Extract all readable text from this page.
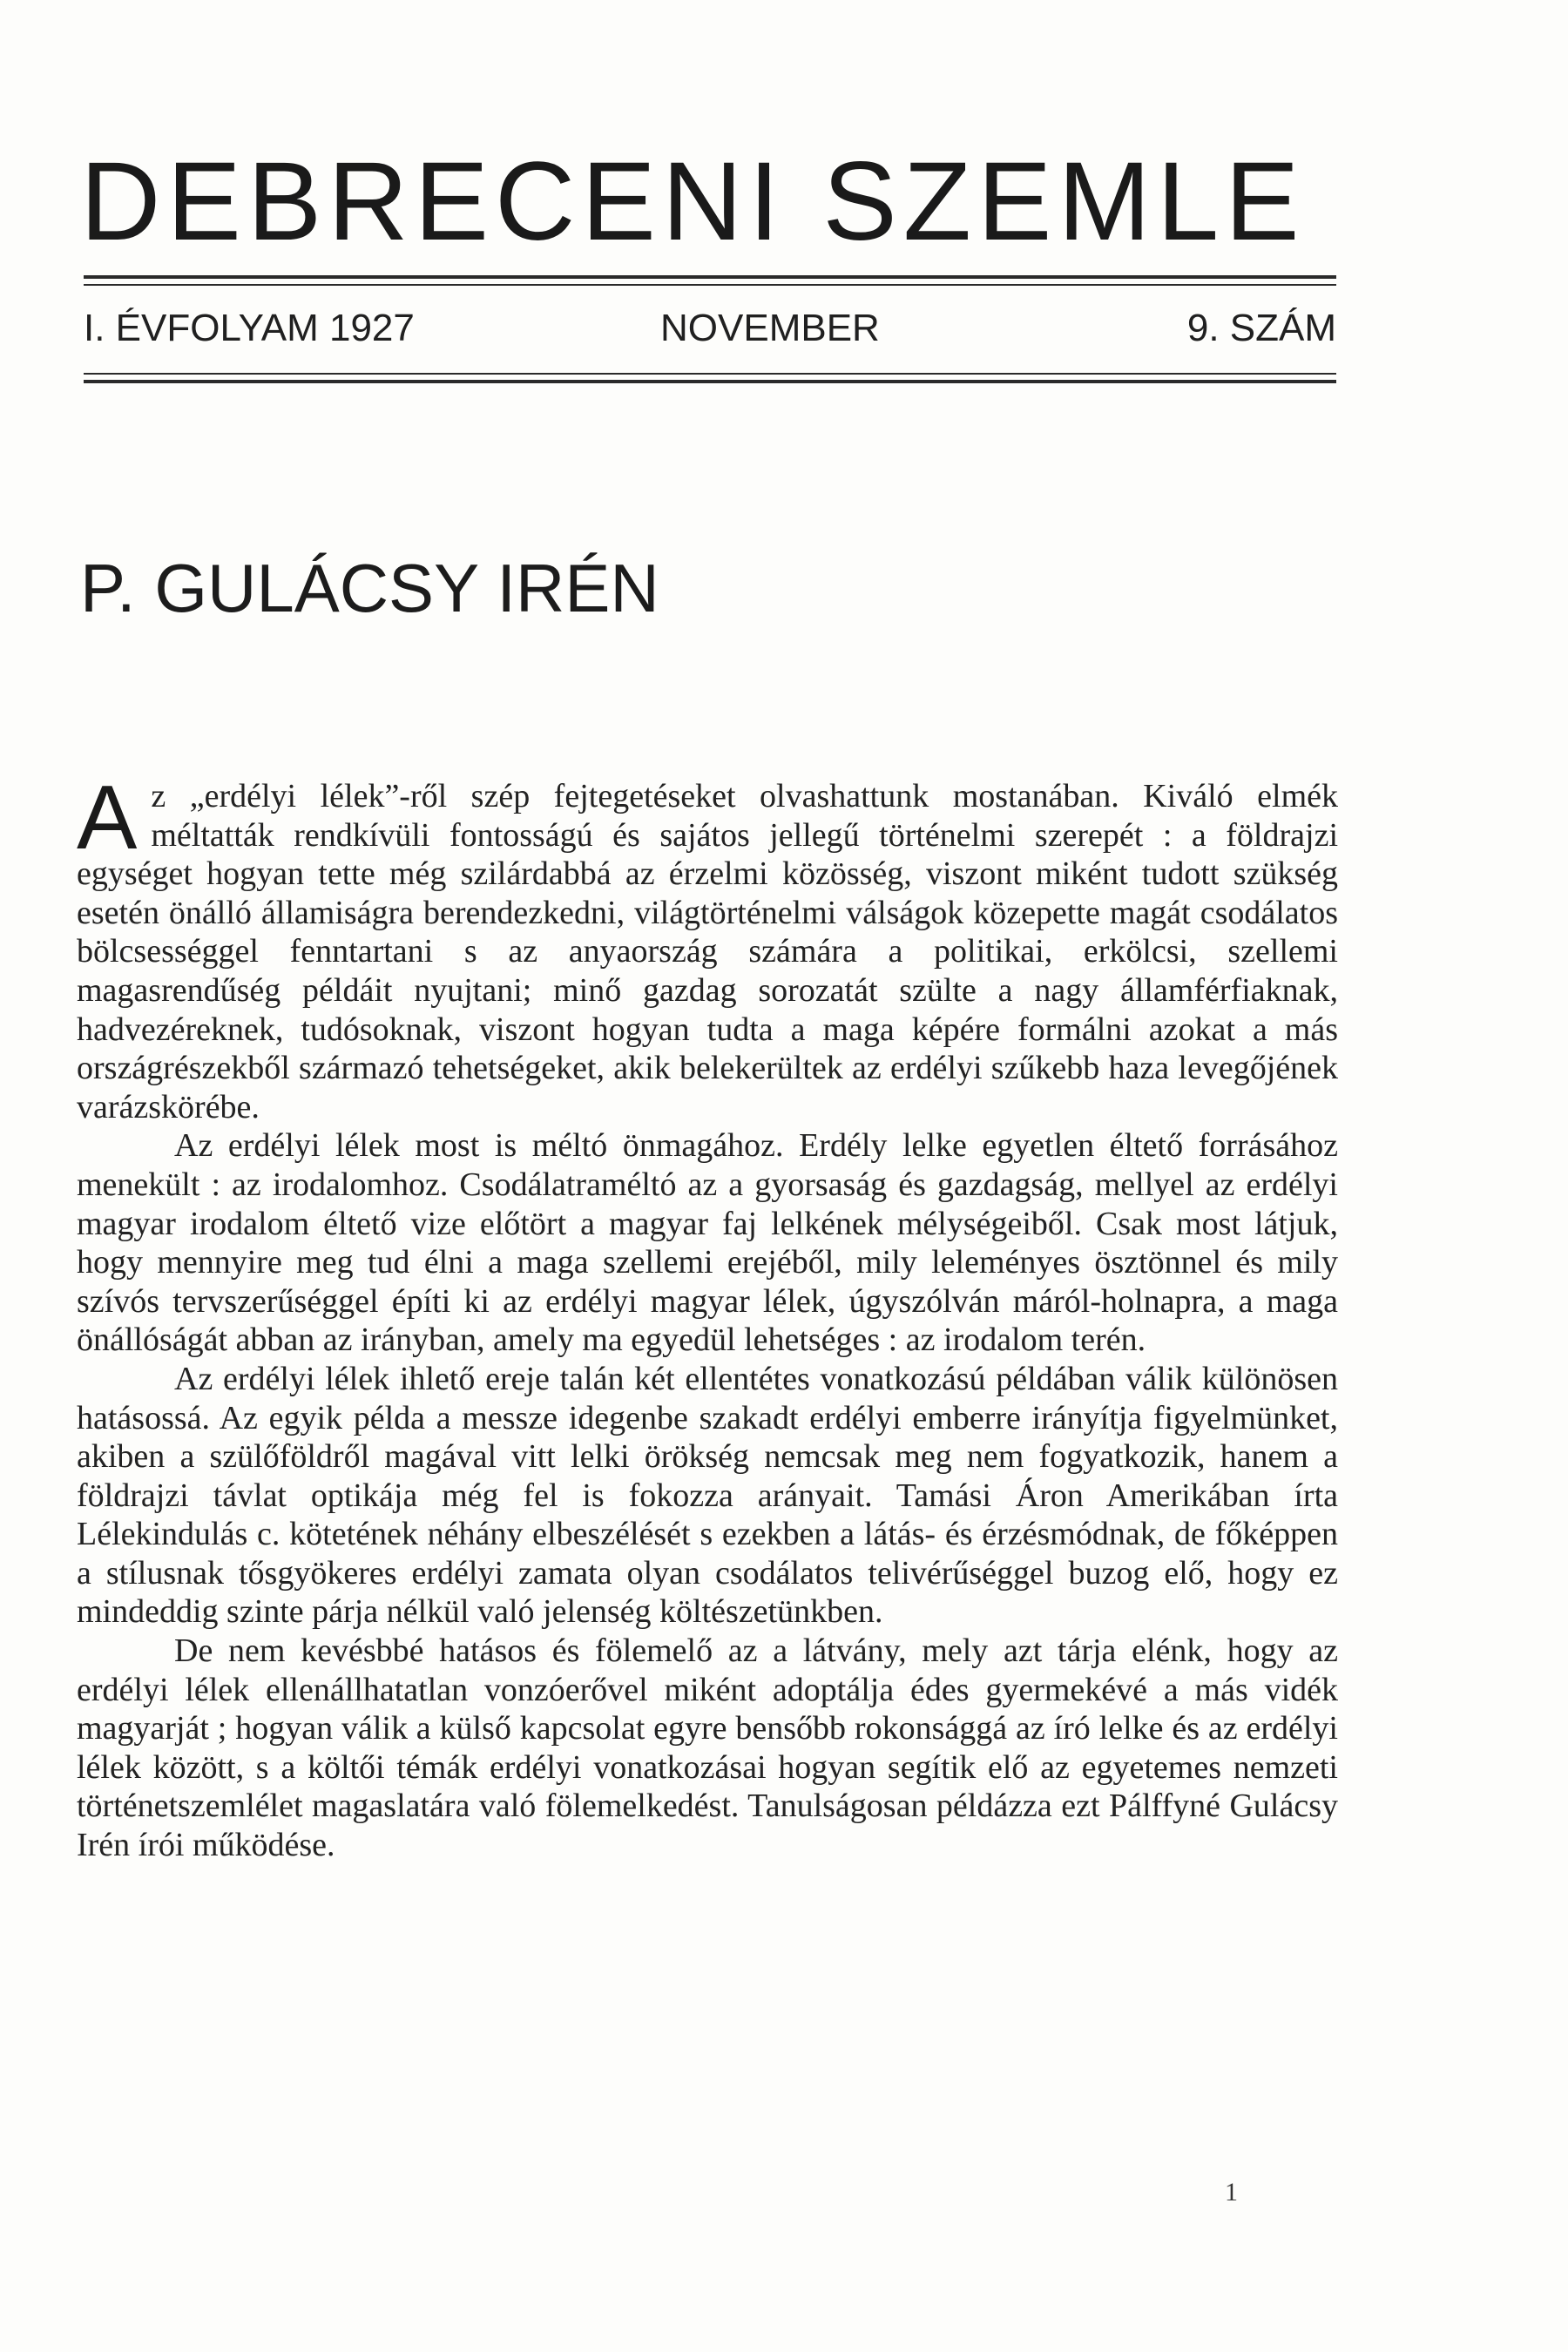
DEBRECENI SZEMLE
I. ÉVFOLYAM 1927	NOVEMBER	9. SZÁM
P. GULÁCSY IRÉN

Az „erdélyi lélek”-ről szép fejtegetéseket olvashattunk mostanában. Kiváló elmék méltatták rendkívüli fontosságú és sajátos jellegű történelmi szerepét : a földrajzi egységet hogyan tette még szilárdabbá az érzelmi közösség, viszont miként tudott szükség esetén önálló államiságra berendezkedni, világtörténelmi válságok közepette magát csodálatos bölcsességgel fenntartani s az anyaország számára a politikai, erkölcsi, szellemi magasrendűség példáit nyujtani; minő gazdag sorozatát szülte a nagy államférfiaknak, hadvezéreknek, tudósoknak, viszont hogyan tudta a maga képére formálni azokat a más országrészekből származó tehetségeket, akik belekerültek az erdélyi szűkebb haza levegőjének varázskörébe.

Az erdélyi lélek most is méltó önmagához. Erdély lelke egyetlen éltető forrásához menekült : az irodalomhoz. Csodálatraméltó az a gyorsaság és gazdagság, mellyel az erdélyi magyar irodalom éltető vize előtört a magyar faj lelkének mélységeiből. Csak most látjuk, hogy mennyire meg tud élni a maga szellemi erejéből, mily leleményes ösztönnel és mily szívós tervszerűséggel építi ki az erdélyi magyar lélek, úgyszólván máról-holnapra, a maga önállóságát abban az irányban, amely ma egyedül lehetséges : az irodalom terén.

Az erdélyi lélek ihlető ereje talán két ellentétes vonatkozású példában válik különösen hatásossá. Az egyik példa a messze idegenbe szakadt erdélyi emberre irányítja figyelmünket, akiben a szülőföldről magával vitt lelki örökség nemcsak meg nem fogyatkozik, hanem a földrajzi távlat optikája még fel is fokozza arányait. Tamási Áron Amerikában írta Lélekindulás c. kötetének néhány elbeszélését s ezekben a látás- és érzésmódnak, de főképpen a stílusnak tősgyökeres erdélyi zamata olyan csodálatos telivérűséggel buzog elő, hogy ez mindeddig szinte párja nélkül való jelenség költészetünkben.

De nem kevésbbé hatásos és fölemelő az a látvány, mely azt tárja elénk, hogy az erdélyi lélek ellenállhatatlan vonzóerővel miként adoptálja édes gyermekévé a más vidék magyarját ; hogyan válik a külső kapcsolat egyre bensőbb rokonsággá az író lelke és az erdélyi lélek között, s a költői témák erdélyi vonatkozásai hogyan segítik elő az egyetemes nemzeti történetszemlélet magaslatára való fölemelkedést. Tanulságosan példázza ezt Pálffyné Gulácsy Irén írói működése.

1
